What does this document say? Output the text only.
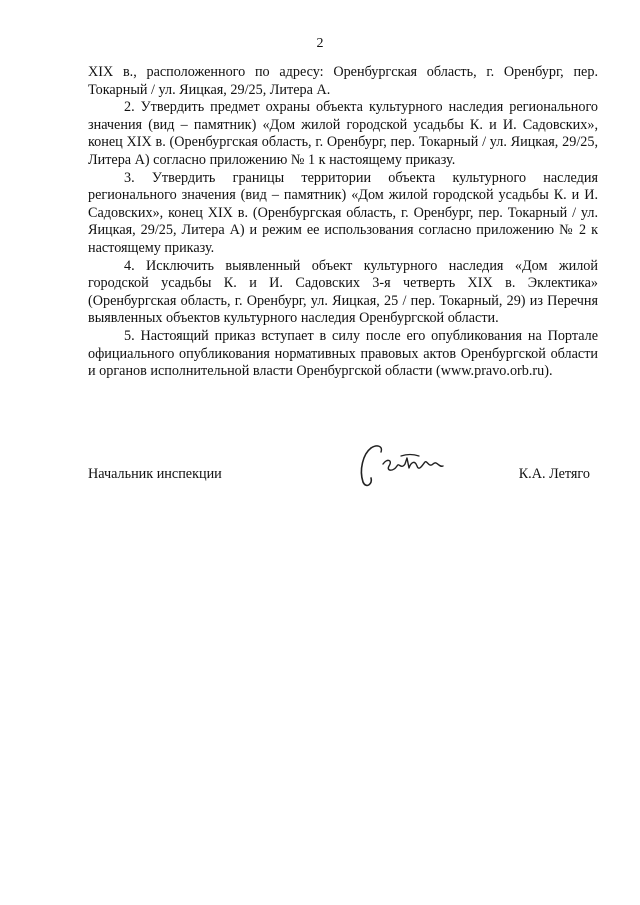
2

XIX в., расположенного по адресу: Оренбургская область, г. Оренбург, пер. Токарный / ул. Яицкая, 29/25, Литера А.

2. Утвердить предмет охраны объекта культурного наследия регионального значения (вид – памятник) «Дом жилой городской усадьбы К. и И. Садовских», конец XIX в. (Оренбургская область, г. Оренбург, пер. Токарный / ул. Яицкая, 29/25, Литера А) согласно приложению № 1 к настоящему приказу.

3. Утвердить границы территории объекта культурного наследия регионального значения (вид – памятник) «Дом жилой городской усадьбы К. и И. Садовских», конец XIX в. (Оренбургская область, г. Оренбург, пер. Токарный / ул. Яицкая, 29/25, Литера А) и режим ее использования согласно приложению № 2 к настоящему приказу.

4. Исключить выявленный объект культурного наследия «Дом жилой городской усадьбы К. и И. Садовских 3-я четверть XIX в. Эклектика» (Оренбургская область, г. Оренбург, ул. Яицкая, 25 / пер. Токарный, 29) из Перечня выявленных объектов культурного наследия Оренбургской области.

5. Настоящий приказ вступает в силу после его опубликования на Портале официального опубликования нормативных правовых актов Оренбургской области и органов исполнительной власти Оренбургской области (www.pravo.orb.ru).

Начальник инспекции	К.А. Летяго
